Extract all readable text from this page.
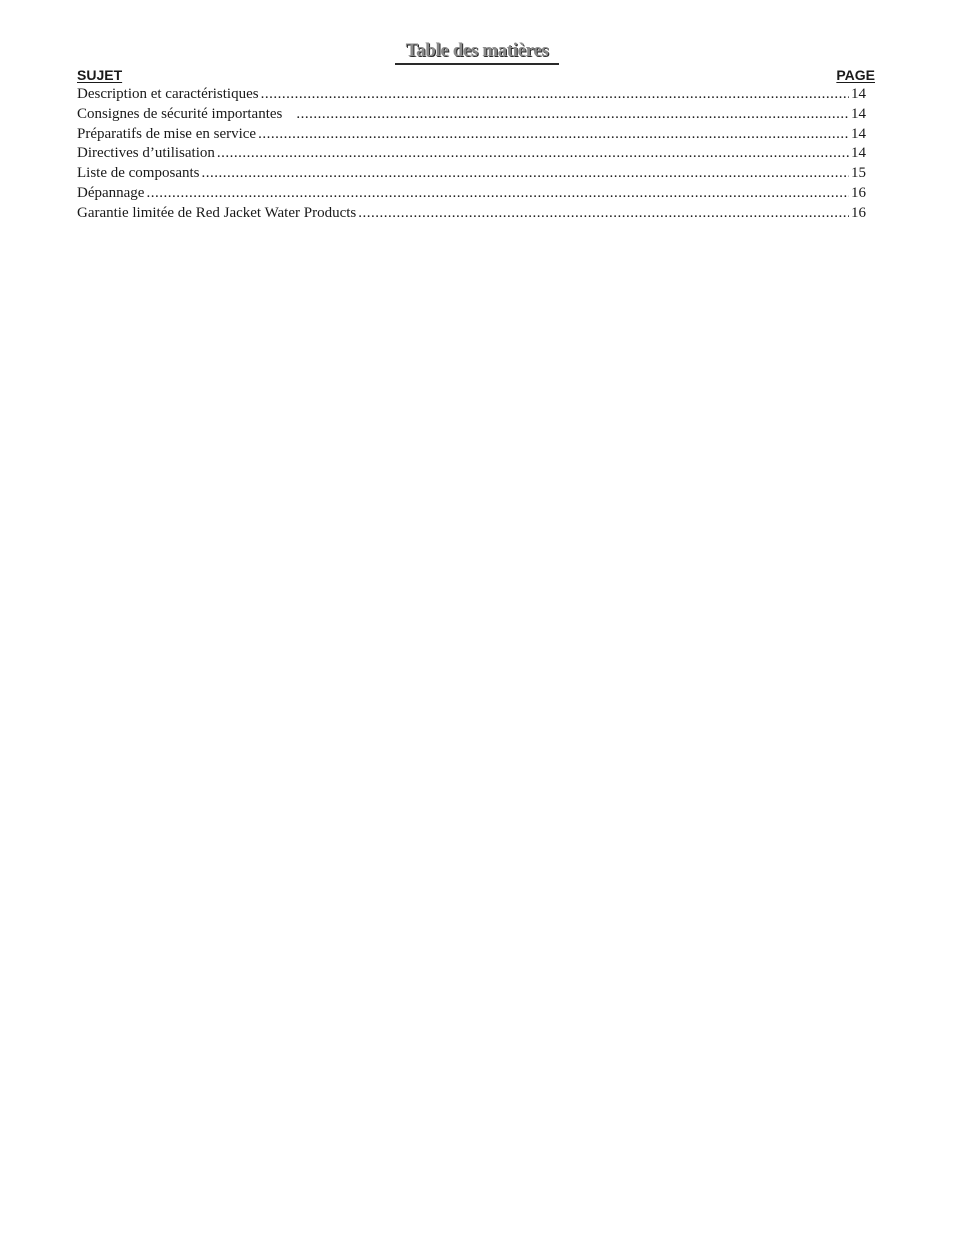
Table des matières
SUJET	PAGE
Description et caractéristiques .....	14
Consignes de sécurité importantes .....	14
Préparatifs de mise en service .....	14
Directives d’utilisation .....	14
Liste de composants .....	15
Dépannage .....	16
Garantie limitée de Red Jacket Water Products .....	16
